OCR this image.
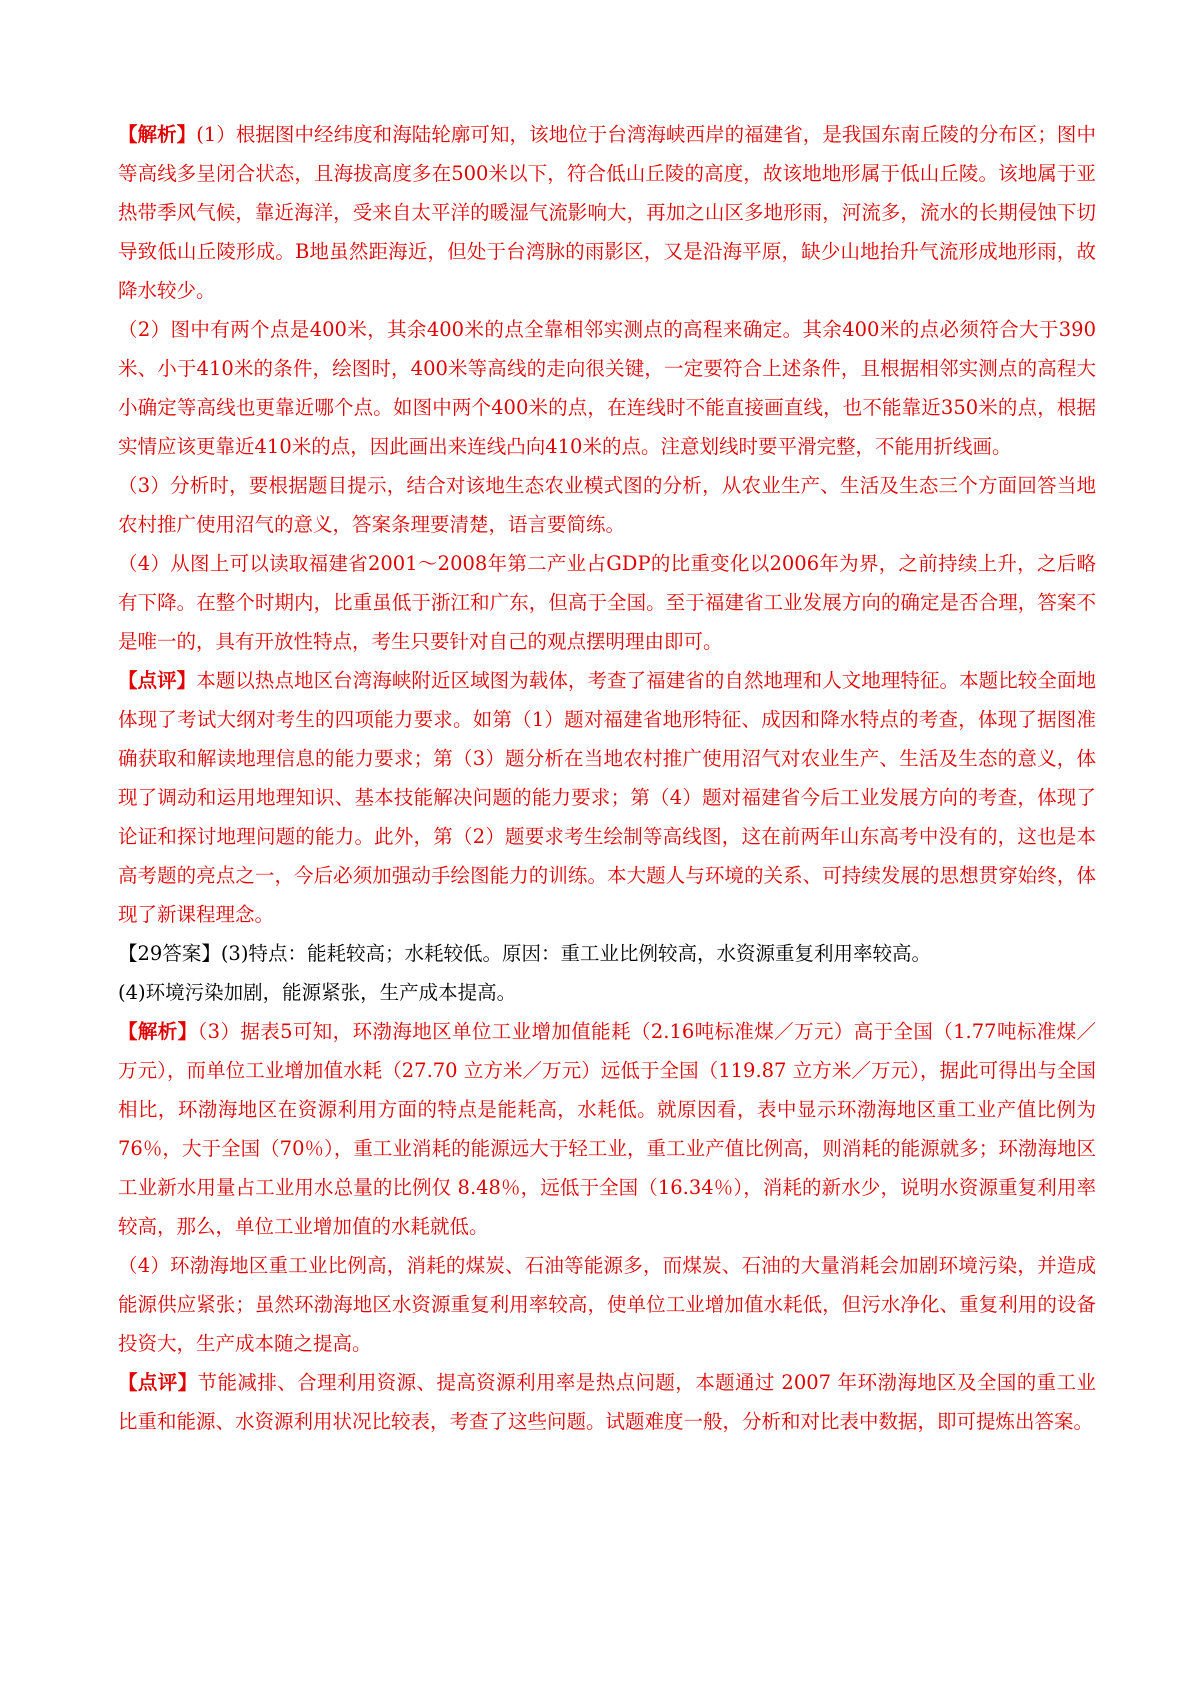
【解析】(1）根据图中经纬度和海陆轮廓可知，该地位于台湾海峡西岸的福建省，是我国东南丘陵的分布区；图中等高线多呈闭合状态，且海拔高度多在500米以下，符合低山丘陵的高度，故该地地形属于低山丘陵。该地属于亚热带季风气候，靠近海洋，受来自太平洋的暖湿气流影响大，再加之山区多地形雨，河流多，流水的长期侵蚀下切导致低山丘陵形成。B地虽然距海近，但处于台湾脉的雨影区，又是沿海平原，缺少山地抬升气流形成地形雨，故降水较少。

（2）图中有两个点是400米，其余400米的点全靠相邻实测点的高程来确定。其余400米的点必须符合大于390米、小于410米的条件，绘图时，400米等高线的走向很关键，一定要符合上述条件，且根据相邻实测点的高程大小确定等高线也更靠近哪个点。如图中两个400米的点，在连线时不能直接画直线，也不能靠近350米的点，根据实情应该更靠近410米的点，因此画出来连线凸向410米的点。注意划线时要平滑完整，不能用折线画。

（3）分析时，要根据题目提示，结合对该地生态农业模式图的分析，从农业生产、生活及生态三个方面回答当地农村推广使用沼气的意义，答案条理要清楚，语言要简练。

（4）从图上可以读取福建省2001～2008年第二产业占GDP的比重变化以2006年为界，之前持续上升，之后略有下降。在整个时期内，比重虽低于浙江和广东，但高于全国。至于福建省工业发展方向的确定是否合理，答案不是唯一的，具有开放性特点，考生只要针对自己的观点摆明理由即可。

【点评】本题以热点地区台湾海峡附近区域图为载体，考查了福建省的自然地理和人文地理特征。本题比较全面地体现了考试大纲对考生的四项能力要求。如第（1）题对福建省地形特征、成因和降水特点的考查，体现了据图准确获取和解读地理信息的能力要求；第（3）题分析在当地农村推广使用沼气对农业生产、生活及生态的意义，体现了调动和运用地理知识、基本技能解决问题的能力要求；第（4）题对福建省今后工业发展方向的考查，体现了论证和探讨地理问题的能力。此外，第（2）题要求考生绘制等高线图，这在前两年山东高考中没有的，这也是本高考题的亮点之一，今后必须加强动手绘图能力的训练。本大题人与环境的关系、可持续发展的思想贯穿始终，体现了新课程理念。

【29答案】(3)特点：能耗较高；水耗较低。原因：重工业比例较高，水资源重复利用率较高。

(4)环境污染加剧，能源紧张，生产成本提高。

【解析】（3）据表5可知，环渤海地区单位工业增加值能耗（2.16吨标准煤／万元）高于全国（1.77吨标准煤／万元），而单位工业增加值水耗（27.70 立方米／万元）远低于全国（119.87 立方米／万元），据此可得出与全国相比，环渤海地区在资源利用方面的特点是能耗高，水耗低。就原因看，表中显示环渤海地区重工业产值比例为76％，大于全国（70％），重工业消耗的能源远大于轻工业，重工业产值比例高，则消耗的能源就多；环渤海地区工业新水用量占工业用水总量的比例仅 8.48％，远低于全国（16.34％），消耗的新水少，说明水资源重复利用率较高，那么，单位工业增加值的水耗就低。

（4）环渤海地区重工业比例高，消耗的煤炭、石油等能源多，而煤炭、石油的大量消耗会加剧环境污染，并造成能源供应紧张；虽然环渤海地区水资源重复利用率较高，使单位工业增加值水耗低，但污水净化、重复利用的设备投资大，生产成本随之提高。

【点评】节能减排、合理利用资源、提高资源利用率是热点问题，本题通过 2007 年环渤海地区及全国的重工业比重和能源、水资源利用状况比较表，考查了这些问题。试题难度一般，分析和对比表中数据，即可提炼出答案。
